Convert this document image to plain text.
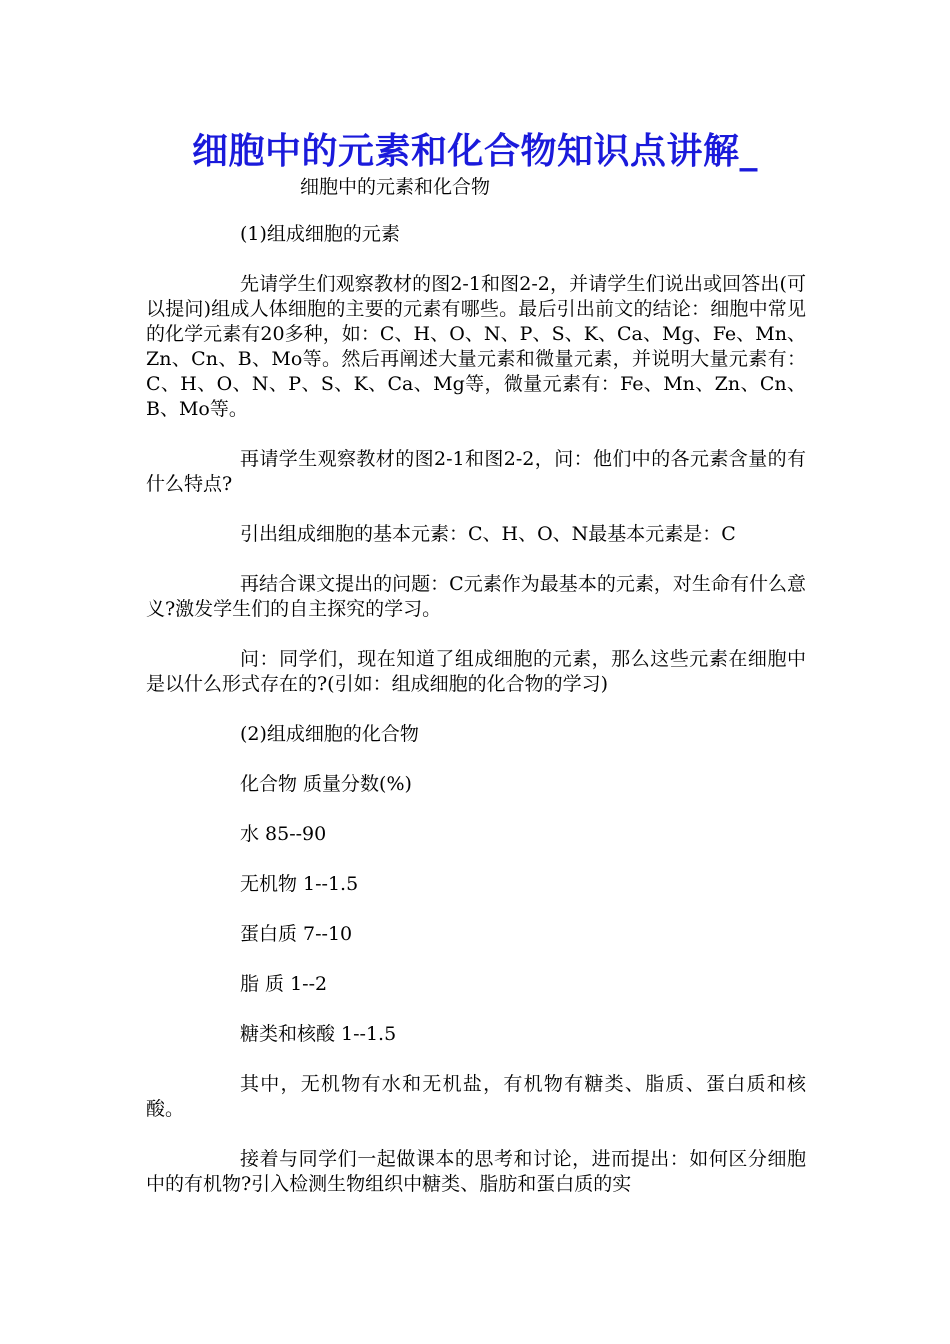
细胞中的元素和化合物知识点讲解_
细胞中的元素和化合物

(1)组成细胞的元素

先请学生们观察教材的图2-1和图2-2，并请学生们说出或回答出(可以提问)组成人体细胞的主要的元素有哪些。最后引出前文的结论：细胞中常见的化学元素有20多种，如：C、H、O、N、P、S、K、Ca、Mg、Fe、Mn、Zn、Cn、B、Mo等。然后再阐述大量元素和微量元素，并说明大量元素有：C、H、O、N、P、S、K、Ca、Mg等，微量元素有：Fe、Mn、Zn、Cn、B、Mo等。

再请学生观察教材的图2-1和图2-2，问：他们中的各元素含量的有什么特点?

引出组成细胞的基本元素：C、H、O、N最基本元素是：C

再结合课文提出的问题：C元素作为最基本的元素，对生命有什么意义?激发学生们的自主探究的学习。

问：同学们，现在知道了组成细胞的元素，那么这些元素在细胞中是以什么形式存在的?(引如：组成细胞的化合物的学习)

(2)组成细胞的化合物

化合物 质量分数(%)

水 85--90

无机物 1--1.5

蛋白质 7--10

脂 质 1--2

糖类和核酸 1--1.5

其中，无机物有水和无机盐，有机物有糖类、脂质、蛋白质和核酸。

接着与同学们一起做课本的思考和讨论，进而提出：如何区分细胞中的有机物?引入检测生物组织中糖类、脂肪和蛋白质的实
